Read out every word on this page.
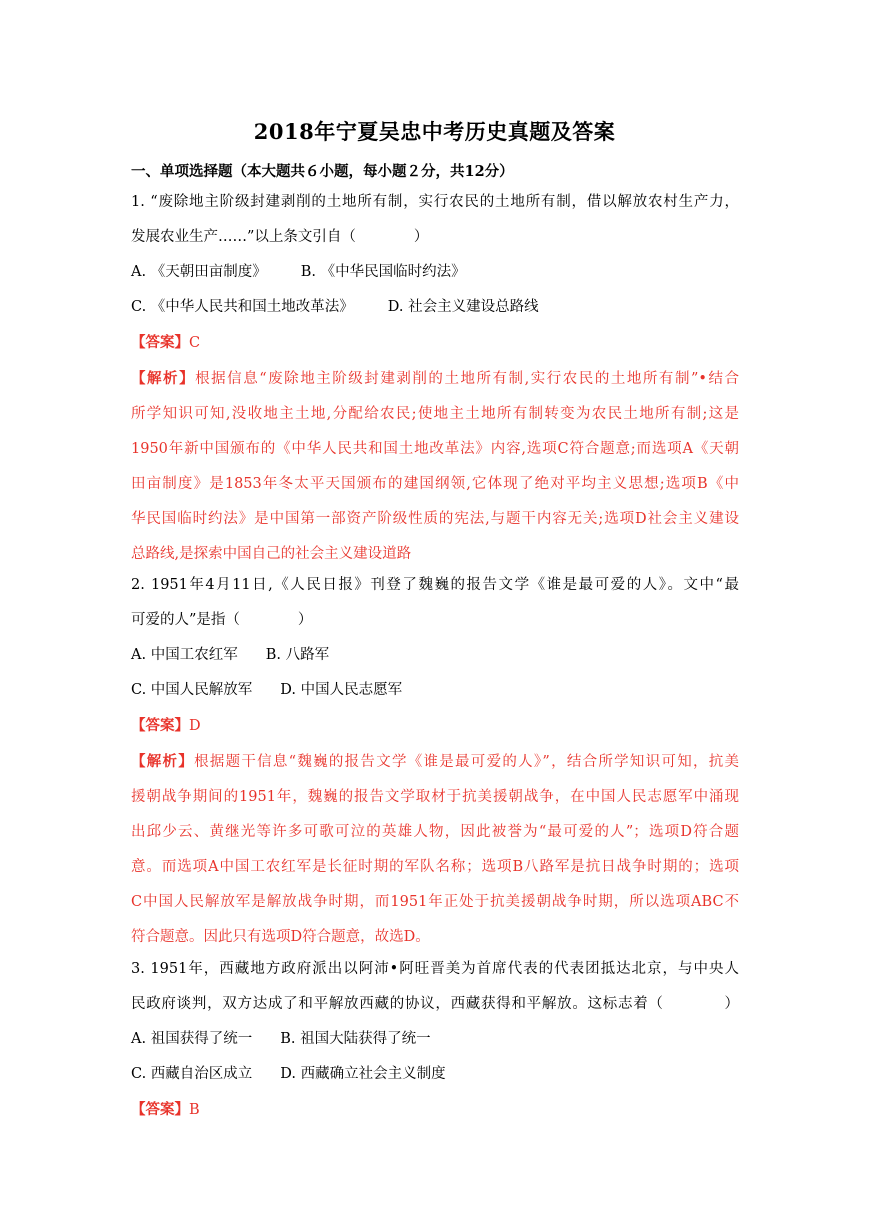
2018年宁夏吴忠中考历史真题及答案
一、单项选择题（本大题共６小题，每小题２分，共12分）
1. “废除地主阶级封建剥削的土地所有制，实行农民的土地所有制，借以解放农村生产力，
发展农业生产……”以上条文引自（　　　　）
A. 《天朝田亩制度》 B. 《中华民国临时约法》
C. 《中华人民共和国土地改革法》 D. 社会主义建设总路线
【答案】C
【解析】根据信息“废除地主阶级封建剥削的土地所有制,实行农民的土地所有制”•结合
所学知识可知,没收地主土地,分配给农民;使地主土地所有制转变为农民土地所有制;这是
1950年新中国颁布的《中华人民共和国土地改革法》内容,选项C符合题意;而选项A《天朝
田亩制度》是1853年冬太平天国颁布的建国纲领,它体现了绝对平均主义思想;选项B《中
华民国临时约法》是中国第一部资产阶级性质的宪法,与题干内容无关;选项D社会主义建设
总路线,是探索中国自己的社会主义建设道路
2. 1951年4月11日,《人民日报》刊登了魏巍的报告文学《谁是最可爱的人》。文中“最
可爱的人”是指（　　　　）
A. 中国工农红军 B. 八路军
C. 中国人民解放军 D. 中国人民志愿军
【答案】D
【解析】根据题干信息“魏巍的报告文学《谁是最可爱的人》”，结合所学知识可知，抗美
援朝战争期间的1951年，魏巍的报告文学取材于抗美援朝战争，在中国人民志愿军中涌现
出邱少云、黄继光等许多可歌可泣的英雄人物，因此被誉为“最可爱的人”；选项D符合题
意。而选项A中国工农红军是长征时期的军队名称；选项B八路军是抗日战争时期的；选项
C中国人民解放军是解放战争时期，而1951年正处于抗美援朝战争时期，所以选项ABC不
符合题意。因此只有选项D符合题意，故选D。
3. 1951年，西藏地方政府派出以阿沛•阿旺晋美为首席代表的代表团抵达北京，与中央人
民政府谈判，双方达成了和平解放西藏的协议，西藏获得和平解放。这标志着（　　　　）
A. 祖国获得了统一 B. 祖国大陆获得了统一
C. 西藏自治区成立 D. 西藏确立社会主义制度
【答案】B
